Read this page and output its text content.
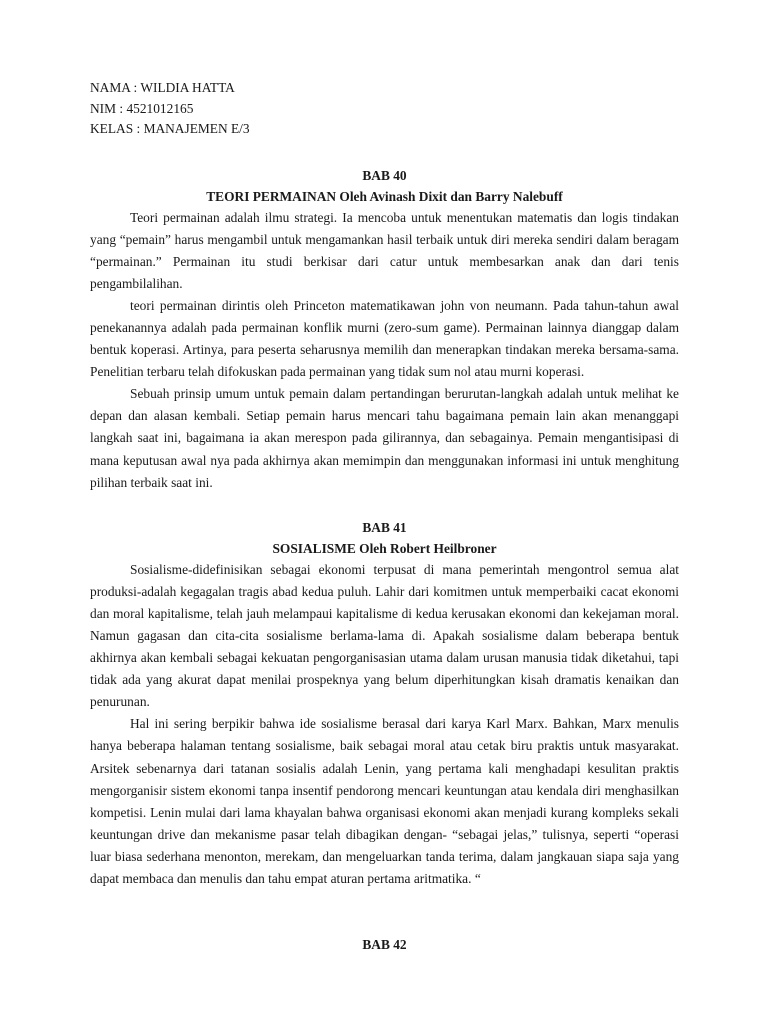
NAMA : WILDIA HATTA
NIM : 4521012165
KELAS : MANAJEMEN E/3
BAB 40
TEORI PERMAINAN Oleh Avinash Dixit dan Barry Nalebuff

Teori permainan adalah ilmu strategi. Ia mencoba untuk menentukan matematis dan logis tindakan yang “pemain” harus mengambil untuk mengamankan hasil terbaik untuk diri mereka sendiri dalam beragam “permainan.” Permainan itu studi berkisar dari catur untuk membesarkan anak dan dari tenis pengambilalihan.

teori permainan dirintis oleh Princeton matematikawan john von neumann. Pada tahun-tahun awal penekanannya adalah pada permainan konflik murni (zero-sum game). Permainan lainnya dianggap dalam bentuk koperasi. Artinya, para peserta seharusnya memilih dan menerapkan tindakan mereka bersama-sama. Penelitian terbaru telah difokuskan pada permainan yang tidak sum nol atau murni koperasi.

Sebuah prinsip umum untuk pemain dalam pertandingan berurutan-langkah adalah untuk melihat ke depan dan alasan kembali. Setiap pemain harus mencari tahu bagaimana pemain lain akan menanggapi langkah saat ini, bagaimana ia akan merespon pada gilirannya, dan sebagainya. Pemain mengantisipasi di mana keputusan awal nya pada akhirnya akan memimpin dan menggunakan informasi ini untuk menghitung pilihan terbaik saat ini.

BAB 41
SOSIALISME Oleh Robert Heilbroner

Sosialisme-didefinisikan sebagai ekonomi terpusat di mana pemerintah mengontrol semua alat produksi-adalah kegagalan tragis abad kedua puluh. Lahir dari komitmen untuk memperbaiki cacat ekonomi dan moral kapitalisme, telah jauh melampaui kapitalisme di kedua kerusakan ekonomi dan kekejaman moral. Namun gagasan dan cita-cita sosialisme berlama-lama di. Apakah sosialisme dalam beberapa bentuk akhirnya akan kembali sebagai kekuatan pengorganisasian utama dalam urusan manusia tidak diketahui, tapi tidak ada yang akurat dapat menilai prospeknya yang belum diperhitungkan kisah dramatis kenaikan dan penurunan.

Hal ini sering berpikir bahwa ide sosialisme berasal dari karya Karl Marx. Bahkan, Marx menulis hanya beberapa halaman tentang sosialisme, baik sebagai moral atau cetak biru praktis untuk masyarakat. Arsitek sebenarnya dari tatanan sosialis adalah Lenin, yang pertama kali menghadapi kesulitan praktis mengorganisir sistem ekonomi tanpa insentif pendorong mencari keuntungan atau kendala diri menghasilkan kompetisi. Lenin mulai dari lama khayalan bahwa organisasi ekonomi akan menjadi kurang kompleks sekali keuntungan drive dan mekanisme pasar telah dibagikan dengan- “sebagai jelas,” tulisnya, seperti “operasi luar biasa sederhana menonton, merekam, dan mengeluarkan tanda terima, dalam jangkauan siapa saja yang dapat membaca dan menulis dan tahu empat aturan pertama aritmatika. “

BAB 42
